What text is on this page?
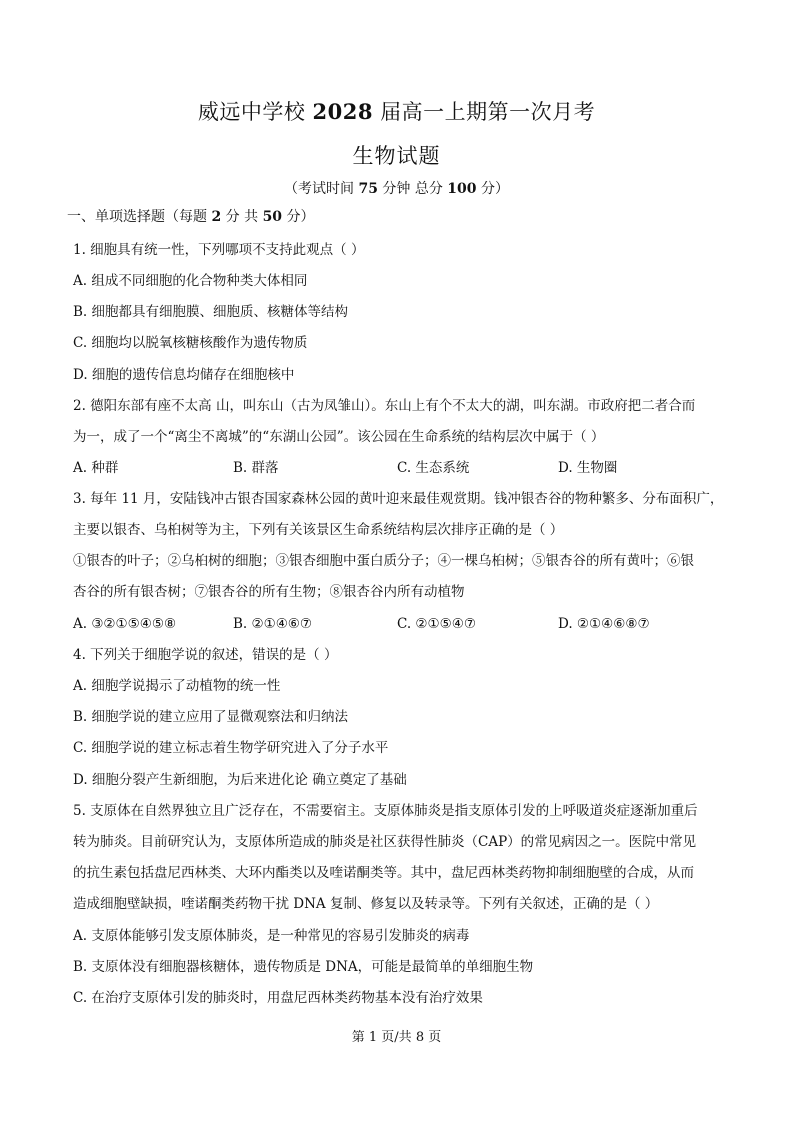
威远中学校 2028 届高一上期第一次月考
生物试题
（考试时间 75 分钟 总分 100 分）
一、单项选择题（每题 2 分 共 50 分）
1. 细胞具有统一性，下列哪项不支持此观点（ ）
A. 组成不同细胞的化合物种类大体相同
B. 细胞都具有细胞膜、细胞质、核糖体等结构
C. 细胞均以脱氧核糖核酸作为遗传物质
D. 细胞的遗传信息均储存在细胞核中
2. 德阳东部有座不太高 山，叫东山（古为凤雏山）。东山上有个不太大的湖，叫东湖。市政府把二者合而
为一，成了一个“离尘不离城”的“东湖山公园”。该公园在生命系统的结构层次中属于（ ）
A. 种群	B. 群落	C. 生态系统	D. 生物圈
3. 每年 11 月，安陆钱冲古银杏国家森林公园的黄叶迎来最佳观赏期。钱冲银杏谷的物种繁多、分布面积广，
主要以银杏、乌桕树等为主，下列有关该景区生命系统结构层次排序正确的是（ ）
①银杏的叶子；②乌桕树的细胞；③银杏细胞中蛋白质分子；④一棵乌桕树；⑤银杏谷的所有黄叶；⑥银
杏谷的所有银杏树；⑦银杏谷的所有生物；⑧银杏谷内所有动植物
A. ③②①⑤④⑤⑧	B. ②①④⑥⑦	C. ②①⑤④⑦	D. ②①④⑥⑧⑦
4. 下列关于细胞学说的叙述，错误的是（ ）
A. 细胞学说揭示了动植物的统一性
B. 细胞学说的建立应用了显微观察法和归纳法
C. 细胞学说的建立标志着生物学研究进入了分子水平
D. 细胞分裂产生新细胞，为后来进化论 确立奠定了基础
5. 支原体在自然界独立且广泛存在，不需要宿主。支原体肺炎是指支原体引发的上呼吸道炎症逐渐加重后
转为肺炎。目前研究认为，支原体所造成的肺炎是社区获得性肺炎（CAP）的常见病因之一。医院中常见
的抗生素包括盘尼西林类、大环内酯类以及喹诺酮类等。其中，盘尼西林类药物抑制细胞壁的合成，从而
造成细胞壁缺损，喹诺酮类药物干扰 DNA 复制、修复以及转录等。下列有关叙述，正确的是（ ）
A. 支原体能够引发支原体肺炎，是一种常见的容易引发肺炎的病毒
B. 支原体没有细胞器核糖体，遗传物质是 DNA，可能是最简单的单细胞生物
C. 在治疗支原体引发的肺炎时，用盘尼西林类药物基本没有治疗效果
第 1 页/共 8 页
